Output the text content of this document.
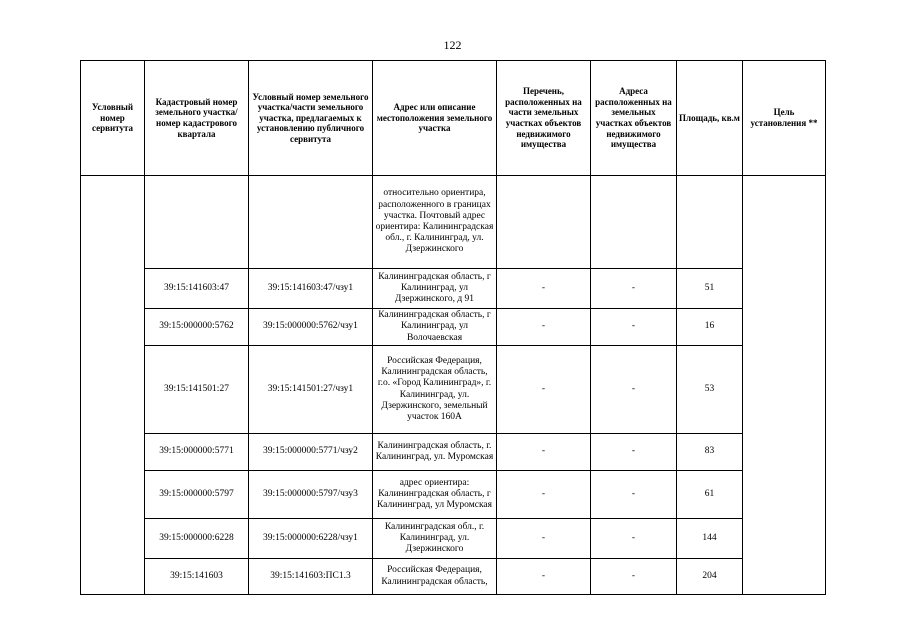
122
Условный номер сервитута	Кадастровый номер земельного участка/номер кадастрового квартала	Условный номер земельного участка/части земельного участка, предлагаемых к установлению публичного сервитута	Адрес или описание местоположения земельного участка	Перечень, расположенных на части земельных участках объектов недвижимого имущества	Адреса расположенных на земельных участках объектов недвижимого имущества	Площадь, кв.м	Цель установления **
			относительно ориентира, расположенного в границах участка. Почтовый адрес ориентира: Калининградская обл., г. Калининград, ул. Дзержинского				
	39:15:141603:47	39:15:141603:47/чзу1	Калининградская область, г Калининград, ул Дзержинского, д 91	-	-	51	
	39:15:000000:5762	39:15:000000:5762/чзу1	Калининградская область, г Калининград, ул Волочаевская	-	-	16	
	39:15:141501:27	39:15:141501:27/чзу1	Российская Федерация, Калининградская область, г.о. «Город Калининград», г. Калининград, ул. Дзержинского, земельный участок 160А	-	-	53	
	39:15:000000:5771	39:15:000000:5771/чзу2	Калининградская область, г. Калининград, ул. Муромская	-	-	83	
	39:15:000000:5797	39:15:000000:5797/чзу3	адрес ориентира: Калининградская область, г Калининград, ул Муромская	-	-	61	
	39:15:000000:6228	39:15:000000:6228/чзу1	Калининградская обл., г. Калининград, ул. Дзержинского	-	-	144	
	39:15:141603	39:15:141603:ПС1.3	Российская Федерация, Калининградская область,	-	-	204	
